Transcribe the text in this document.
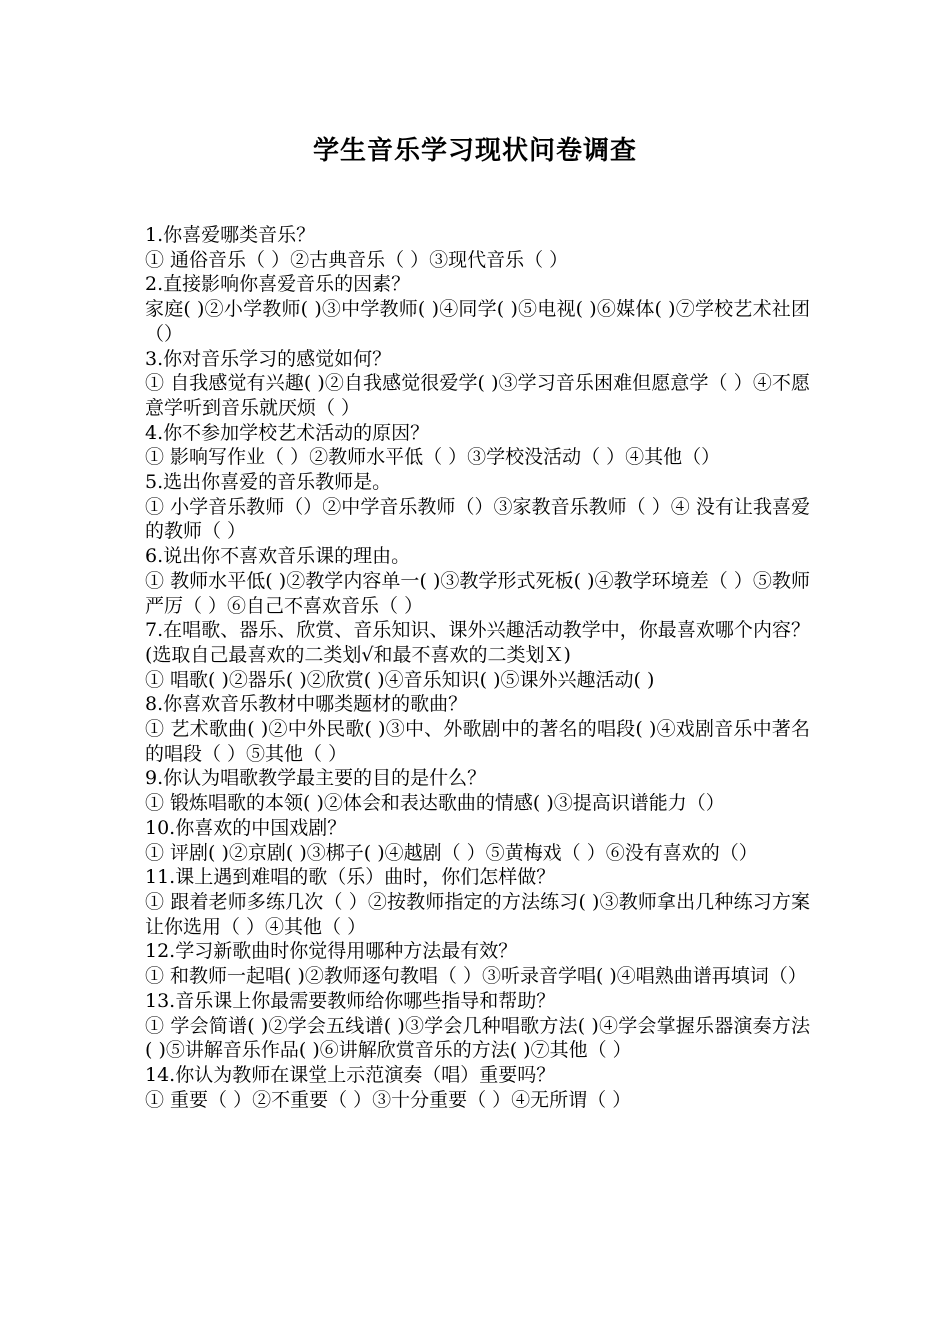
学生音乐学习现状问卷调查
1.你喜爱哪类音乐？
① 通俗音乐（ ）②古典音乐（ ）③现代音乐（ ）
2.直接影响你喜爱音乐的因素？
家庭( )②小学教师( )③中学教师( )④同学( )⑤电视( )⑥媒体( )⑦学校艺术社团（）
3.你对音乐学习的感觉如何？
① 自我感觉有兴趣( )②自我感觉很爱学( )③学习音乐困难但愿意学（ ）④不愿意学听到音乐就厌烦（ ）
4.你不参加学校艺术活动的原因？
① 影响写作业（ ）②教师水平低（ ）③学校没活动（ ）④其他（）
5.选出你喜爱的音乐教师是。
① 小学音乐教师（）②中学音乐教师（）③家教音乐教师（ ）④ 没有让我喜爱的教师（ ）
6.说出你不喜欢音乐课的理由。
① 教师水平低( )②教学内容单一( )③教学形式死板( )④教学环境差（ ）⑤教师严厉（ ）⑥自己不喜欢音乐（ ）
7.在唱歌、器乐、欣赏、音乐知识、课外兴趣活动教学中，你最喜欢哪个内容？(选取自己最喜欢的二类划√和最不喜欢的二类划Ｘ)
① 唱歌( )②器乐( )②欣赏( )④音乐知识( )⑤课外兴趣活动( )
8.你喜欢音乐教材中哪类题材的歌曲？
① 艺术歌曲( )②中外民歌( )③中、外歌剧中的著名的唱段( )④戏剧音乐中著名的唱段（ ）⑤其他（ ）
9.你认为唱歌教学最主要的目的是什么？
① 锻炼唱歌的本领( )②体会和表达歌曲的情感( )③提高识谱能力（）
10.你喜欢的中国戏剧？
① 评剧( )②京剧( )③梆子( )④越剧（ ）⑤黄梅戏（ ）⑥没有喜欢的（）
11.课上遇到难唱的歌（乐）曲时，你们怎样做？
① 跟着老师多练几次（ ）②按教师指定的方法练习( )③教师拿出几种练习方案让你选用（ ）④其他（ ）
12.学习新歌曲时你觉得用哪种方法最有效？
① 和教师一起唱( )②教师逐句教唱（ ）③听录音学唱( )④唱熟曲谱再填词（）
13.音乐课上你最需要教师给你哪些指导和帮助？
① 学会简谱( )②学会五线谱( )③学会几种唱歌方法( )④学会掌握乐器演奏方法( )⑤讲解音乐作品( )⑥讲解欣赏音乐的方法( )⑦其他（ ）
14.你认为教师在课堂上示范演奏（唱）重要吗？
① 重要（ ）②不重要（ ）③十分重要（ ）④无所谓（ ）
